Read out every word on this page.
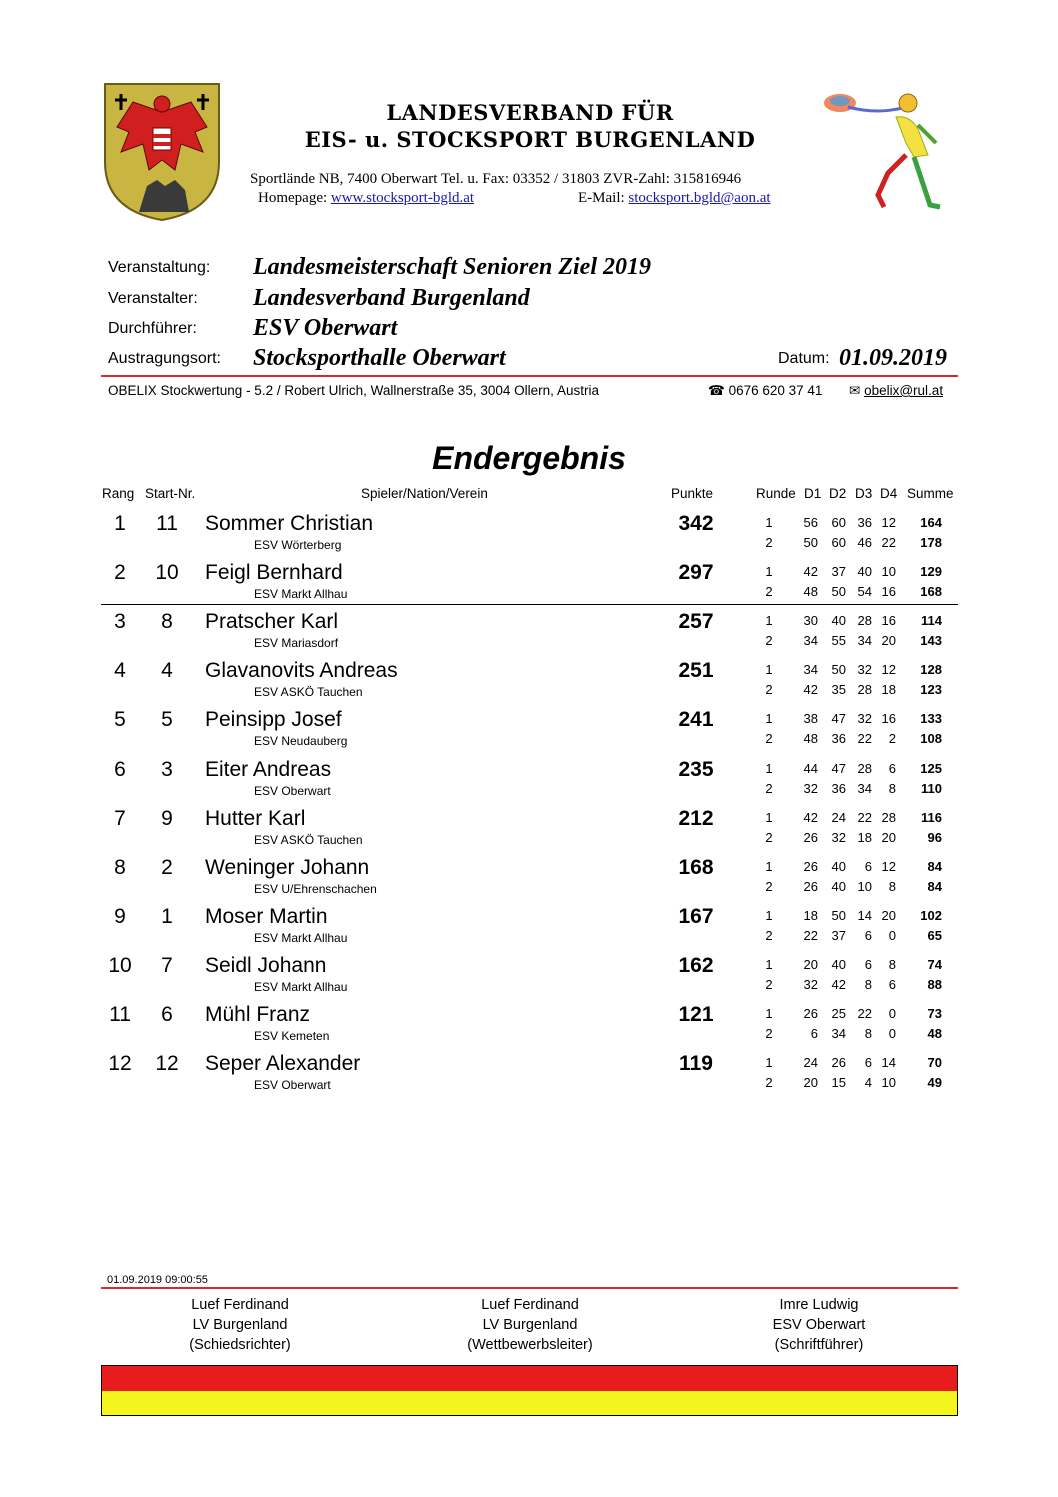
LANDESVERBAND FÜR
EIS- u. STOCKSPORT BURGENLAND
Sportlände NB, 7400 Oberwart Tel. u. Fax: 03352 / 31803 ZVR-Zahl: 315816946
Homepage: www.stocksport-bgld.at	E-Mail: stocksport.bgld@aon.at
Veranstaltung: Landesmeisterschaft Senioren Ziel 2019
Veranstalter: Landesverband Burgenland
Durchführer: ESV Oberwart
Austragungsort: Stocksporthalle Oberwart	Datum: 01.09.2019
OBELIX Stockwertung - 5.2 / Robert Ulrich, Wallnerstraße 35, 3004 Ollern, Austria	☎ 0676 620 37 41 ✉ obelix@rul.at
Endergebnis
Rang Start-Nr.	Spieler/Nation/Verein	Punkte	Runde D1 D2 D3 D4 Summe
1 11 Sommer Christian
ESV Wörterberg
342	1	56	60 36 12	164
2	50	60 46 22	178
2 10 Feigl Bernhard
ESV Markt Allhau
297	1	42	37 40 10	129
2	48	50 54 16	168
3	8	Pratscher Karl
ESV Mariasdorf
257	1	30	40 28 16	114
2	34	55 34 20	143
4	4	Glavanovits Andreas
ESV ASKÖ Tauchen
251	1	34	50 32 12	128
2	42	35 28 18	123
5	5	Peinsipp Josef
ESV Neudauberg
241	1	38	47 32 16	133
2	48	36 22	2	108
6	3	Eiter Andreas
ESV Oberwart
235	1	44	47 28	6	125
2	32	36 34	8	110
7	9	Hutter Karl
ESV ASKÖ Tauchen
212	1	42	24 22 28	116
2	26	32 18 20	96
8	2	Weninger Johann
ESV U/Ehrenschachen
168	1	26	40	6 12	84
2	26	40 10	8	84
9	1	Moser Martin
ESV Markt Allhau
167	1	18	50 14 20	102
2	22	37	6	0	65
10	7	Seidl Johann
ESV Markt Allhau
162	1	20	40	6	8	74
2	32	42	8	6	88
11	6	Mühl Franz
ESV Kemeten
121	1	26	25 22	0	73
2	6	34	8	0	48
12 12 Seper Alexander
ESV Oberwart
119	1	24	26	6 14	70
2	20	15	4 10	49
01.09.2019 09:00:55
Luef Ferdinand
LV Burgenland
(Schiedsrichter)
Luef Ferdinand
LV Burgenland
(Wettbewerbsleiter)
Imre Ludwig
ESV Oberwart
(Schriftführer)
